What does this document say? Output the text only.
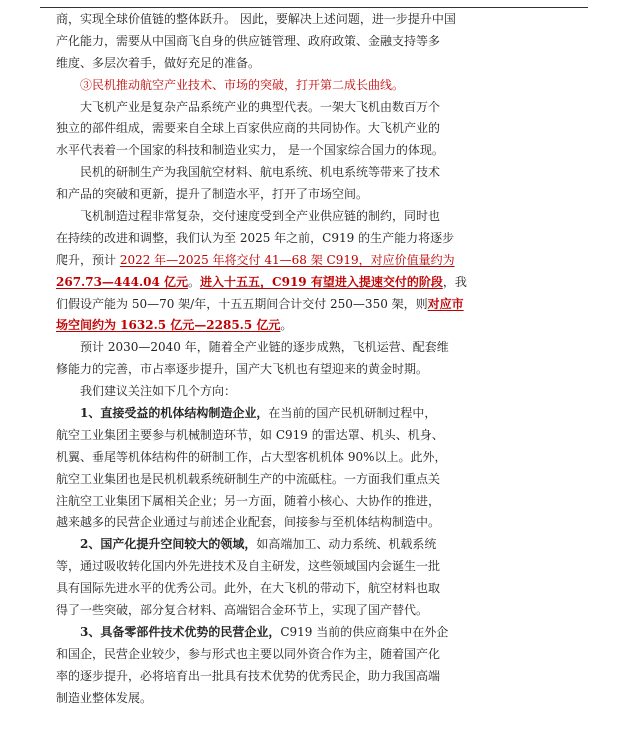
商，实现全球价值链的整体跃升。 因此，要解决上述问题，进一步提升中国
产化能力，需要从中国商飞自身的供应链管理、政府政策、金融支持等多
维度、多层次着手，做好充足的准备。
③民机推动航空产业技术、市场的突破，打开第二成长曲线。
大飞机产业是复杂产品系统产业的典型代表。一架大飞机由数百万个
独立的部件组成，需要来自全球上百家供应商的共同协作。大飞机产业的
水平代表着一个国家的科技和制造业实力， 是一个国家综合国力的体现。
民机的研制生产为我国航空材料、航电系统、机电系统等带来了技术
和产品的突破和更新，提升了制造水平，打开了市场空间。
飞机制造过程非常复杂，交付速度受到全产业供应链的制约，同时也
在持续的改进和调整，我们认为至 2025 年之前，C919 的生产能力将逐步
爬升，预计 2022 年—2025 年将交付 41—68 架 C919，对应价值量约为
267.73—444.04 亿元。进入十五五，C919 有望进入提速交付的阶段，我
们假设产能为 50—70 架/年，十五五期间合计交付 250—350 架，则对应市
场空间约为 1632.5 亿元—2285.5 亿元。
预计 2030—2040 年，随着全产业链的逐步成熟，飞机运营、配套维
修能力的完善，市占率逐步提升，国产大飞机也有望迎来的黄金时期。
我们建议关注如下几个方向：
1、直接受益的机体结构制造企业，在当前的国产民机研制过程中，
航空工业集团主要参与机械制造环节，如 C919 的雷达罩、机头、机身、
机翼、垂尾等机体结构件的研制工作，占大型客机机体 90%以上。此外，
航空工业集团也是民机机载系统研制生产的中流砥柱。一方面我们重点关
注航空工业集团下属相关企业；另一方面，随着小核心、大协作的推进，
越来越多的民营企业通过与前述企业配套，间接参与至机体结构制造中。
2、国产化提升空间较大的领域，如高端加工、动力系统、机载系统
等，通过吸收转化国内外先进技术及自主研发，这些领域国内会诞生一批
具有国际先进水平的优秀公司。此外，在大飞机的带动下，航空材料也取
得了一些突破，部分复合材料、高端铝合金环节上，实现了国产替代。
3、具备零部件技术优势的民营企业，C919 当前的供应商集中在外企
和国企，民营企业较少，参与形式也主要以同外资合作为主，随着国产化
率的逐步提升，必将培育出一批具有技术优势的优秀民企，助力我国高端
制造业整体发展。
